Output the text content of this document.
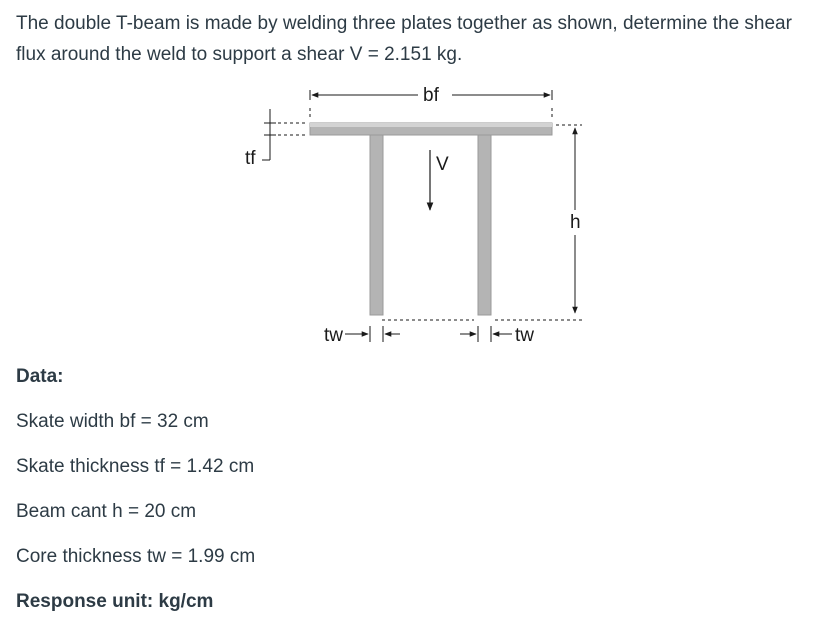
The double T-beam is made by welding three plates together as shown, determine the shear
flux around the weld to support a shear V = 2.151 kg.

bf
tf	V
h
tw	tw

Data:

Skate width bf = 32 cm

Skate thickness tf = 1.42 cm

Beam cant h = 20 cm

Core thickness tw = 1.99 cm

Response unit: kg/cm
